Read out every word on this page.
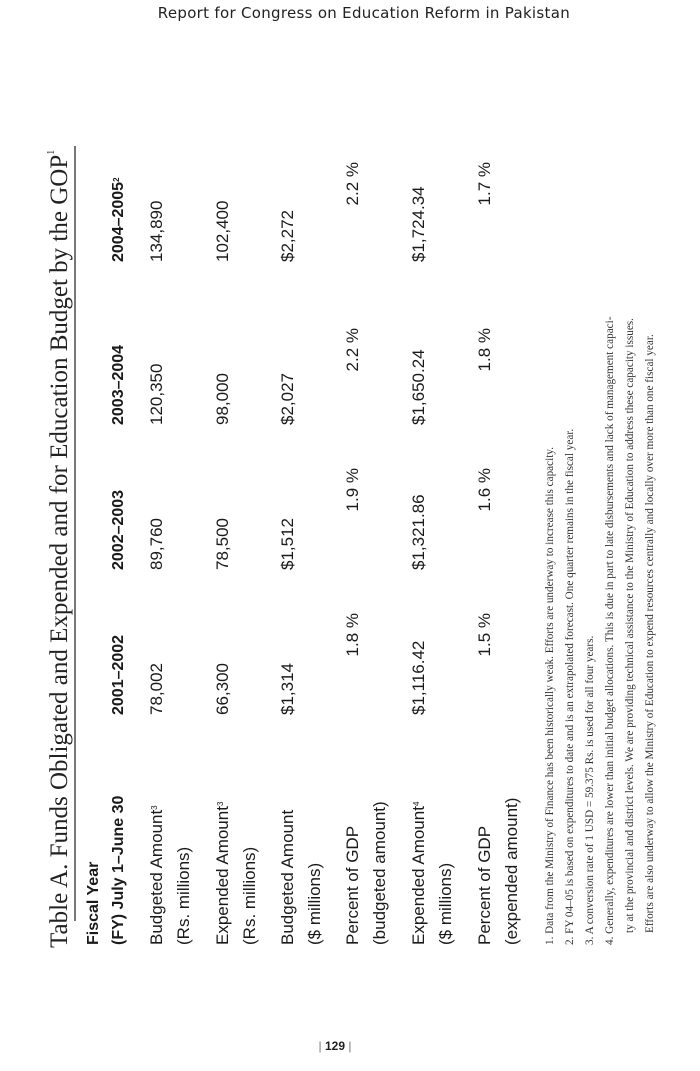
Report for Congress on Education Reform in Pakistan
Table A. Funds Obligated and Expended and for Education Budget by the GOP$^1$
Fiscal Year (FY) July 1–June 30
2001–2002
2002–2003
2003–2004
2004–2005$^2$
Budgeted Amount$^3$
(Rs. millions)
78,002
89,760
120,350
134,890
Expended Amount$^3$
(Rs. millions)
66,300
78,500
98,000
102,400
Budgeted Amount ($ millions)
$1,314
$1,512
$2,027
$2,272
Percent of GDP (budgeted amount)
1.8 %
1.9 %
2.2 %
2.2 %
Expended Amount$^4$
($ millions)
$1,116.42
$1,321.86
$1,650.24
$1,724.34
Percent of GDP (expended amount)
1.5 %
1.6 %
1.8 %
1.7 %
1. Data from the Ministry of Finance has been historically weak. Efforts are underway to increase this capacity. 2. FY 04–05 is based on expenditures to date and is an extrapolated forecast. One quarter remains in the fiscal year. 3. A conversion rate of 1 USD = 59.375 Rs. is used for all four years. 4. Generally, expenditures are lower than initial budget allocations. This is due in part to late disbursements and lack of management capaci- ty at the provincial and district levels. We are providing technical assistance to the Ministry of Education to address these capacity issues. Efforts are also underway to allow the Ministry of Education to expend resources centrally and locally over more than one fiscal year.
| 129 |
